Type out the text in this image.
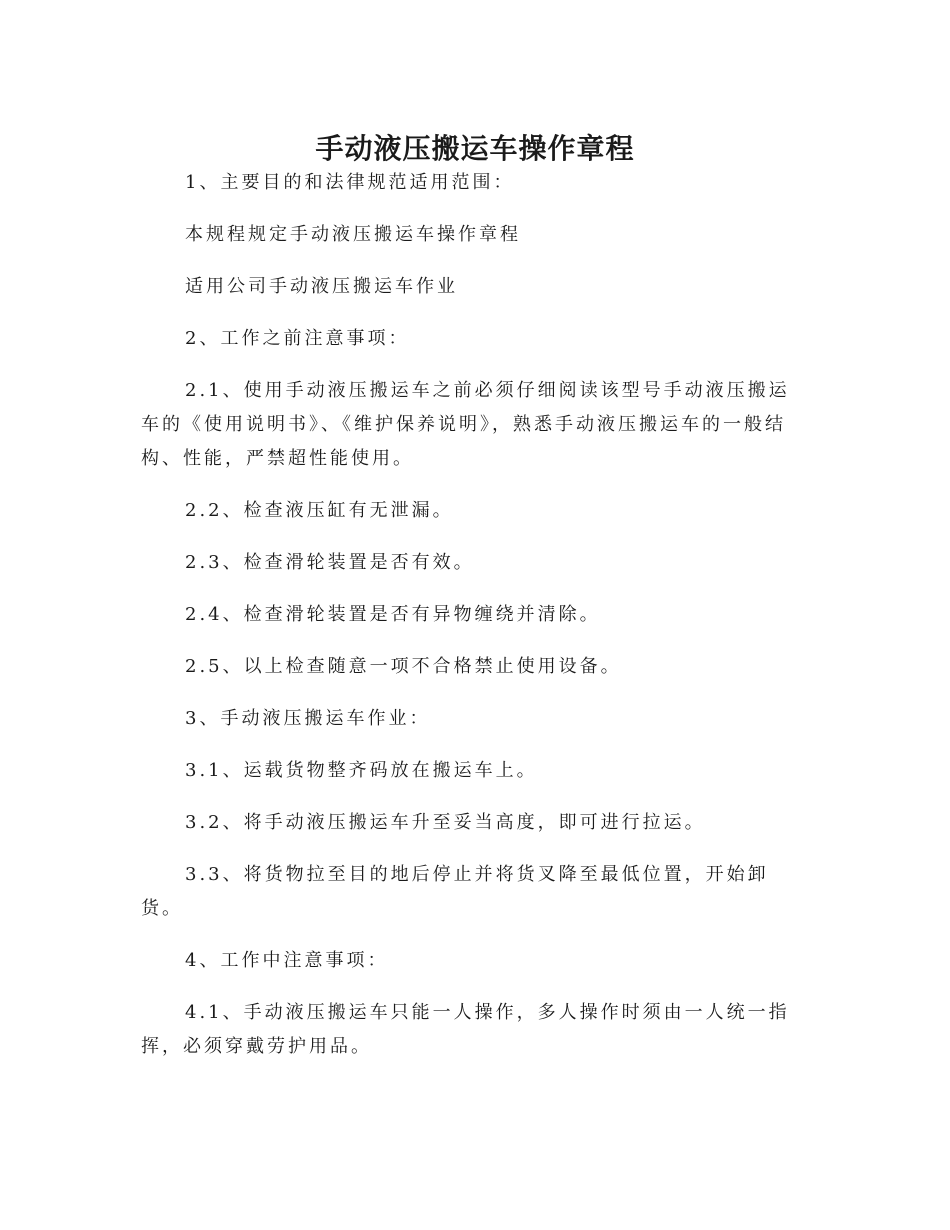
手动液压搬运车操作章程

1、主要目的和法律规范适用范围：

本规程规定手动液压搬运车操作章程

适用公司手动液压搬运车作业

2、工作之前注意事项：

2.1、使用手动液压搬运车之前必须仔细阅读该型号手动液压搬运车的《使用说明书》、《维护保养说明》，熟悉手动液压搬运车的一般结构、性能，严禁超性能使用。

2.2、检查液压缸有无泄漏。

2.3、检查滑轮装置是否有效。

2.4、检查滑轮装置是否有异物缠绕并清除。

2.5、以上检查随意一项不合格禁止使用设备。

3、手动液压搬运车作业：

3.1、运载货物整齐码放在搬运车上。

3.2、将手动液压搬运车升至妥当高度，即可进行拉运。

3.3、将货物拉至目的地后停止并将货叉降至最低位置，开始卸货。

4、工作中注意事项：

4.1、手动液压搬运车只能一人操作，多人操作时须由一人统一指挥，必须穿戴劳护用品。
